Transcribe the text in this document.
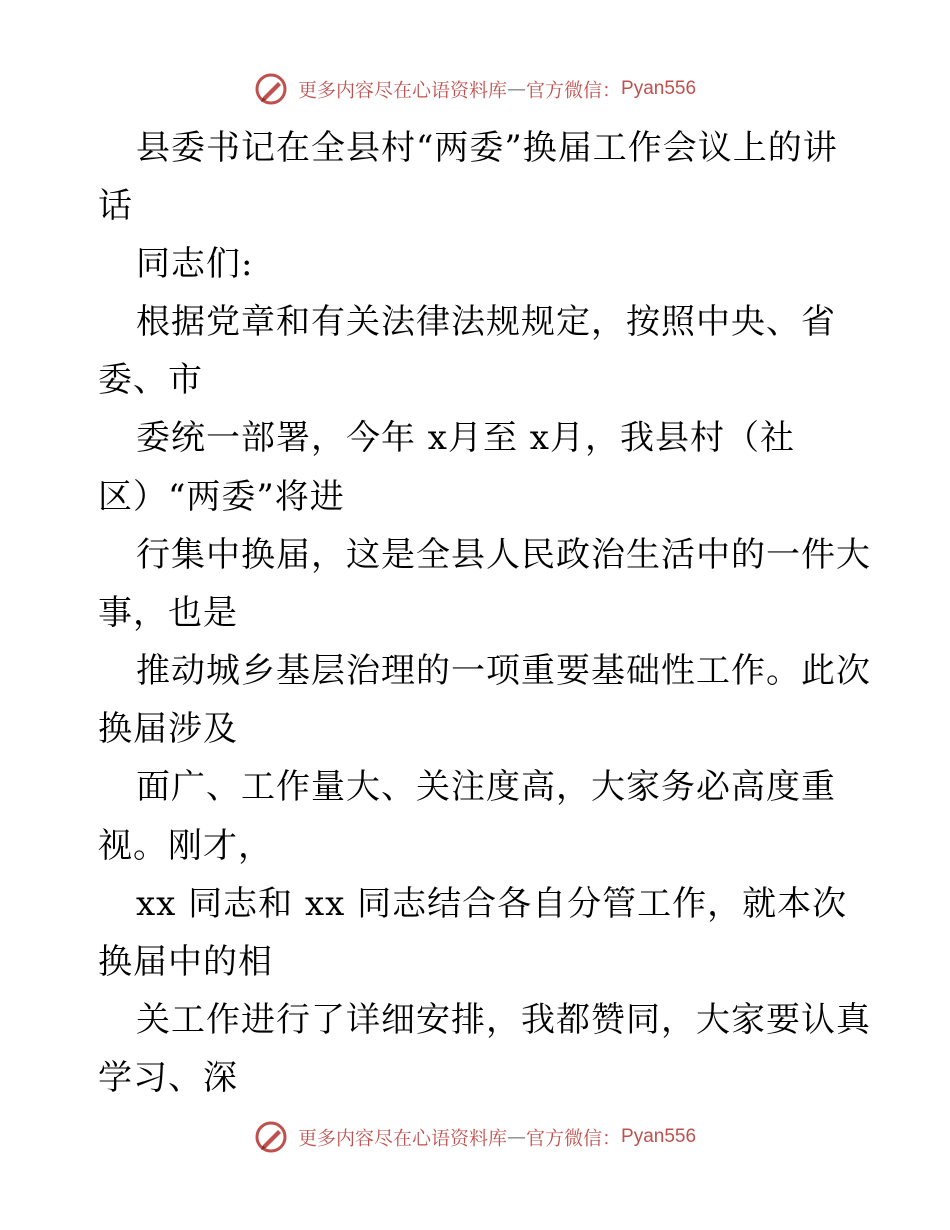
更多内容尽在心语资料库—官方微信：Pyan556
县委书记在全县村“两委”换届工作会议上的讲
话
同志们:
根据党章和有关法律法规规定，按照中央、省
委、市
委统一部署，今年 x月至 x月，我县村（社
区）“两委”将进
行集中换届，这是全县人民政治生活中的一件大
事，也是
推动城乡基层治理的一项重要基础性工作。此次
换届涉及
面广、工作量大、关注度高，大家务必高度重
视。刚才，
xx 同志和 xx 同志结合各自分管工作，就本次
换届中的相
关工作进行了详细安排，我都赞同，大家要认真
学习、深
更多内容尽在心语资料库—官方微信：Pyan556
